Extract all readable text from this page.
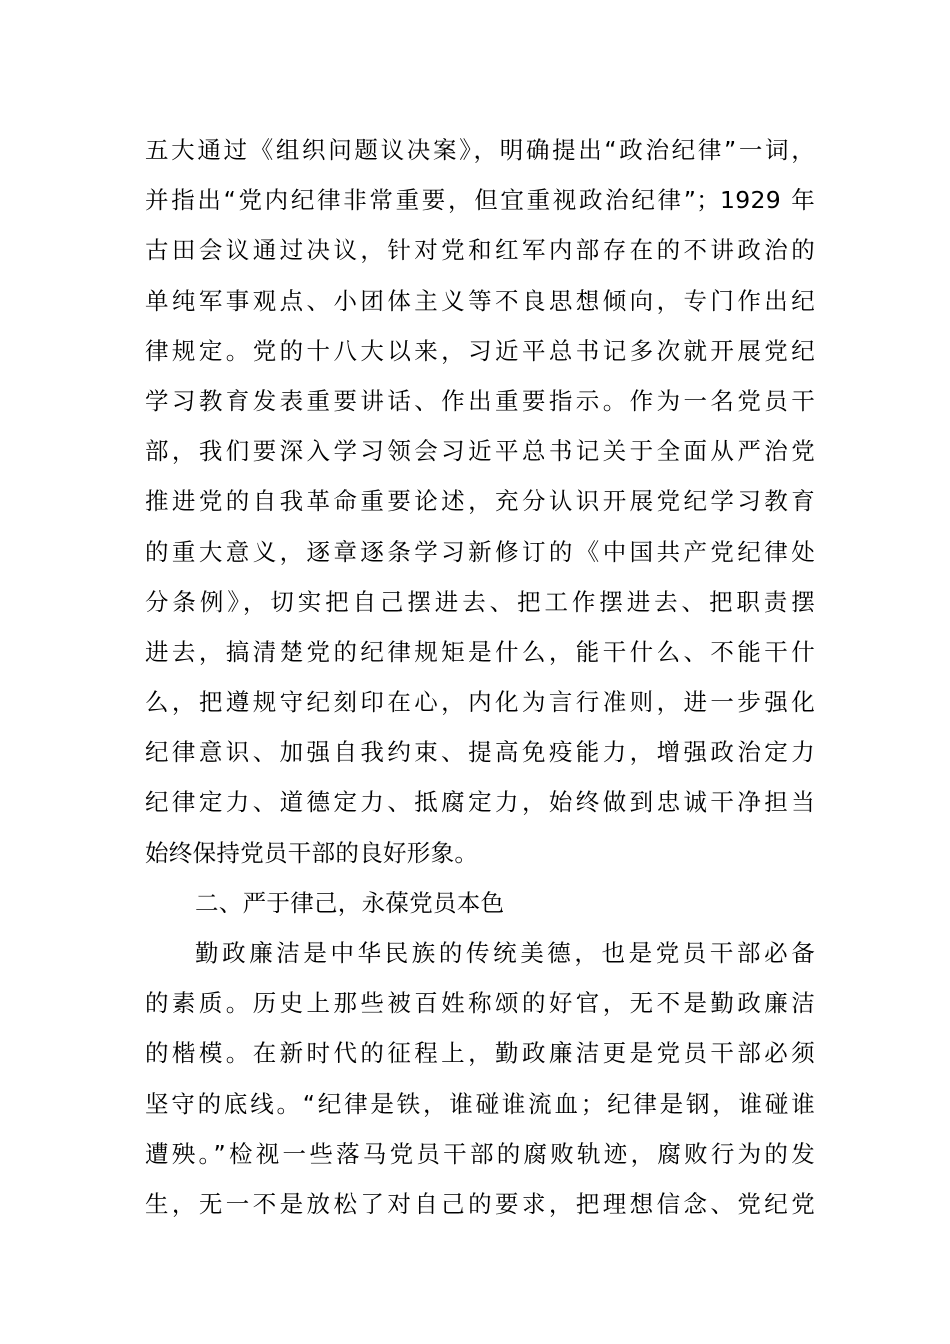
五大通过《组织问题议决案》，明确提出“政治纪律”一词，
并指出“党内纪律非常重要，但宜重视政治纪律”；1929 年
古田会议通过决议，针对党和红军内部存在的不讲政治的
单纯军事观点、小团体主义等不良思想倾向，专门作出纪
律规定。党的十八大以来，习近平总书记多次就开展党纪
学习教育发表重要讲话、作出重要指示。作为一名党员干
部，我们要深入学习领会习近平总书记关于全面从严治党
推进党的自我革命重要论述，充分认识开展党纪学习教育
的重大意义，逐章逐条学习新修订的《中国共产党纪律处
分条例》，切实把自己摆进去、把工作摆进去、把职责摆
进去，搞清楚党的纪律规矩是什么，能干什么、不能干什
么，把遵规守纪刻印在心，内化为言行准则，进一步强化
纪律意识、加强自我约束、提高免疫能力，增强政治定力
纪律定力、道德定力、抵腐定力，始终做到忠诚干净担当
始终保持党员干部的良好形象。
二、严于律己，永葆党员本色
勤政廉洁是中华民族的传统美德，也是党员干部必备
的素质。历史上那些被百姓称颂的好官，无不是勤政廉洁
的楷模。在新时代的征程上，勤政廉洁更是党员干部必须
坚守的底线。“纪律是铁，谁碰谁流血；纪律是钢，谁碰谁
遭殃。”检视一些落马党员干部的腐败轨迹，腐败行为的发
生，无一不是放松了对自己的要求，把理想信念、党纪党
